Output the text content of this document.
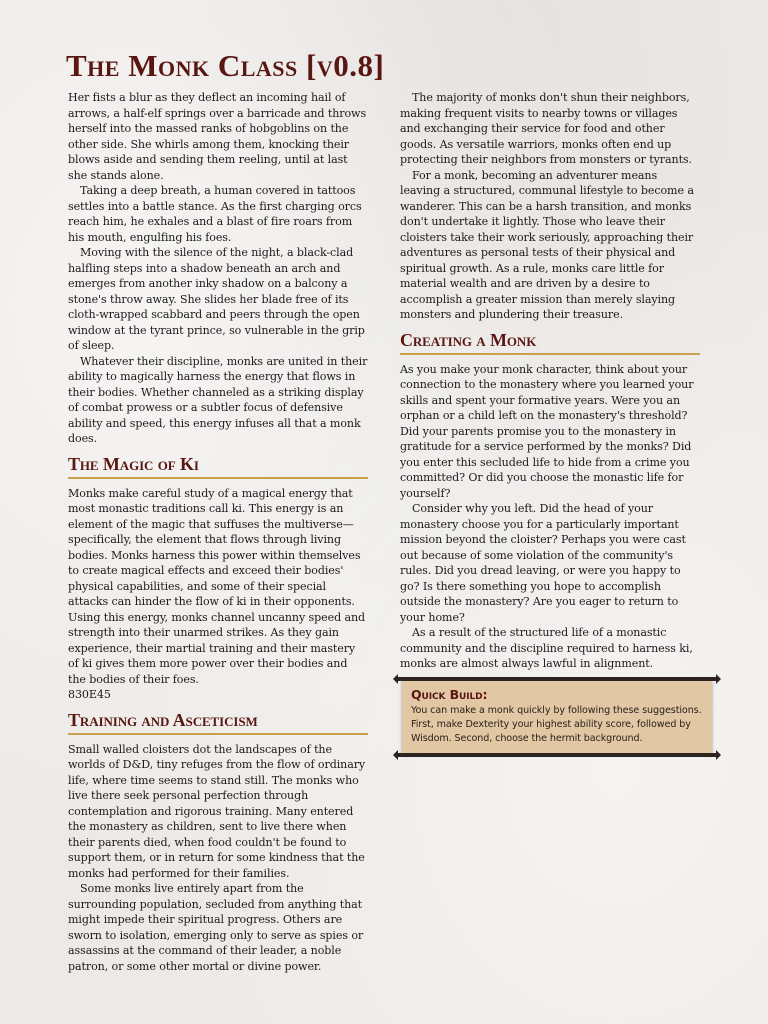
The Monk Class [v0.8]

Her fists a blur as they deflect an incoming hail of arrows, a half-elf springs over a barricade and throws herself into the massed ranks of hobgoblins on the other side. She whirls among them, knocking their blows aside and sending them reeling, until at last she stands alone.

Taking a deep breath, a human covered in tattoos settles into a battle stance. As the first charging orcs reach him, he exhales and a blast of fire roars from his mouth, engulfing his foes.

Moving with the silence of the night, a black-clad halfling steps into a shadow beneath an arch and emerges from another inky shadow on a balcony a stone's throw away. She slides her blade free of its cloth-wrapped scabbard and peers through the open window at the tyrant prince, so vulnerable in the grip of sleep.

Whatever their discipline, monks are united in their ability to magically harness the energy that flows in their bodies. Whether channeled as a striking display of combat prowess or a subtler focus of defensive ability and speed, this energy infuses all that a monk does.

The Magic of Ki

Monks make careful study of a magical energy that most monastic traditions call ki. This energy is an element of the magic that suffuses the multiverse—specifically, the element that flows through living bodies. Monks harness this power within themselves to create magical effects and exceed their bodies' physical capabilities, and some of their special attacks can hinder the flow of ki in their opponents. Using this energy, monks channel uncanny speed and strength into their unarmed strikes. As they gain experience, their martial training and their mastery of ki gives them more power over their bodies and the bodies of their foes.

830E45

Training and Asceticism

Small walled cloisters dot the landscapes of the worlds of D&D, tiny refuges from the flow of ordinary life, where time seems to stand still. The monks who live there seek personal perfection through contemplation and rigorous training. Many entered the monastery as children, sent to live there when their parents died, when food couldn't be found to support them, or in return for some kindness that the monks had performed for their families.

Some monks live entirely apart from the surrounding population, secluded from anything that might impede their spiritual progress. Others are sworn to isolation, emerging only to serve as spies or assassins at the command of their leader, a noble patron, or some other mortal or divine power.

The majority of monks don't shun their neighbors, making frequent visits to nearby towns or villages and exchanging their service for food and other goods. As versatile warriors, monks often end up protecting their neighbors from monsters or tyrants.

For a monk, becoming an adventurer means leaving a structured, communal lifestyle to become a wanderer. This can be a harsh transition, and monks don't undertake it lightly. Those who leave their cloisters take their work seriously, approaching their adventures as personal tests of their physical and spiritual growth. As a rule, monks care little for material wealth and are driven by a desire to accomplish a greater mission than merely slaying monsters and plundering their treasure.

Creating a Monk

As you make your monk character, think about your connection to the monastery where you learned your skills and spent your formative years. Were you an orphan or a child left on the monastery's threshold? Did your parents promise you to the monastery in gratitude for a service performed by the monks? Did you enter this secluded life to hide from a crime you committed? Or did you choose the monastic life for yourself?

Consider why you left. Did the head of your monastery choose you for a particularly important mission beyond the cloister? Perhaps you were cast out because of some violation of the community's rules. Did you dread leaving, or were you happy to go? Is there something you hope to accomplish outside the monastery? Are you eager to return to your home?

As a result of the structured life of a monastic community and the discipline required to harness ki, monks are almost always lawful in alignment.

Quick Build:
You can make a monk quickly by following these suggestions. First, make Dexterity your highest ability score, followed by Wisdom. Second, choose the hermit background.
